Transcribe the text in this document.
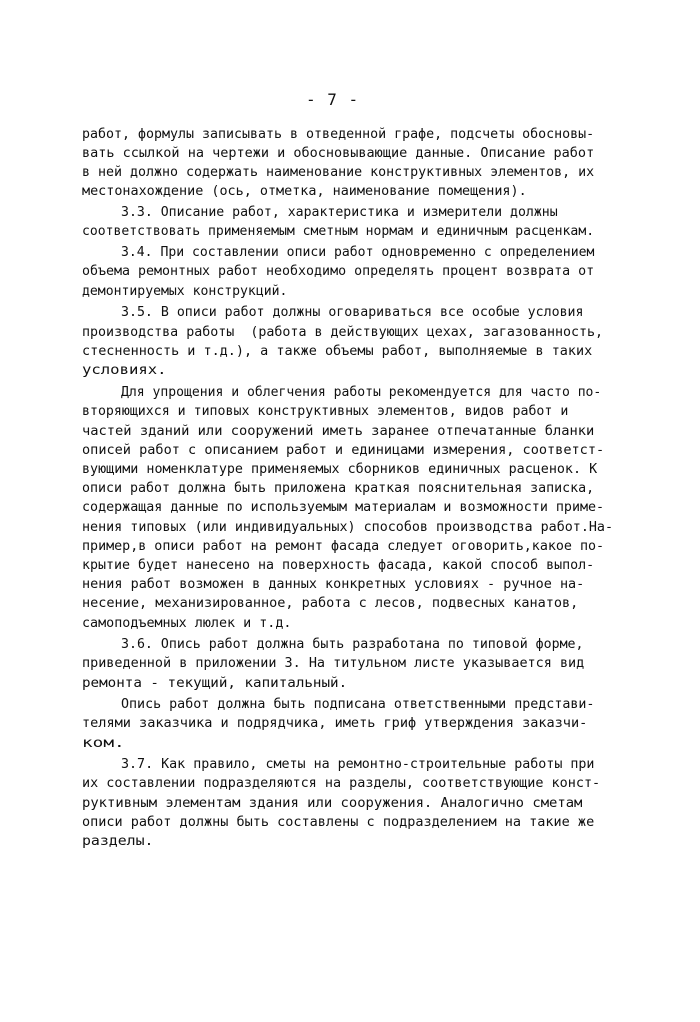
- 7 -
работ, формулы записывать в отведенной графе, подсчеты обосновы-
вать ссылкой на чертежи и обосновывающие данные. Описание работ
в ней должно содержать наименование конструктивных элементов, их
местонахождение (ось, отметка, наименование помещения).
3.3. Описание работ, характеристика и измерители должны
соответствовать применяемым сметным нормам и единичным расценкам.
3.4. При составлении описи работ одновременно с определением
объема ремонтных работ необходимо определять процент возврата от
демонтируемых конструкций.
3.5. В описи работ должны оговариваться все особые условия
производства работы  (работа в действующих цехах, загазованность,
стесненность и т.д.), а также объемы работ, выполняемые в таких
условиях.
Для упрощения и облегчения работы рекомендуется для часто по-
вторяющихся и типовых конструктивных элементов, видов работ и
частей зданий или сооружений иметь заранее отпечатанные бланки
описей работ с описанием работ и единицами измерения, соответст-
вующими номенклатуре применяемых сборников единичных расценок. К
описи работ должна быть приложена краткая пояснительная записка,
содержащая данные по используемым материалам и возможности приме-
нения типовых (или индивидуальных) способов производства работ.На-
пример,в описи работ на ремонт фасада следует оговорить,какое по-
крытие будет нанесено на поверхность фасада, какой способ выпол-
нения работ возможен в данных конкретных условиях - ручное на-
несение, механизированное, работа с лесов, подвесных канатов,
самоподъемных люлек и т.д.
3.6. Опись работ должна быть разработана по типовой форме,
приведенной в приложении 3. На титульном листе указывается вид
ремонта - текущий, капитальный.
Опись работ должна быть подписана ответственными представи-
телями заказчика и подрядчика, иметь гриф утверждения заказчи-
ком.
3.7. Как правило, сметы на ремонтно-строительные работы при
их составлении подразделяются на разделы, соответствующие конст-
руктивным элементам здания или сооружения. Аналогично сметам
описи работ должны быть составлены с подразделением на такие же
разделы.
